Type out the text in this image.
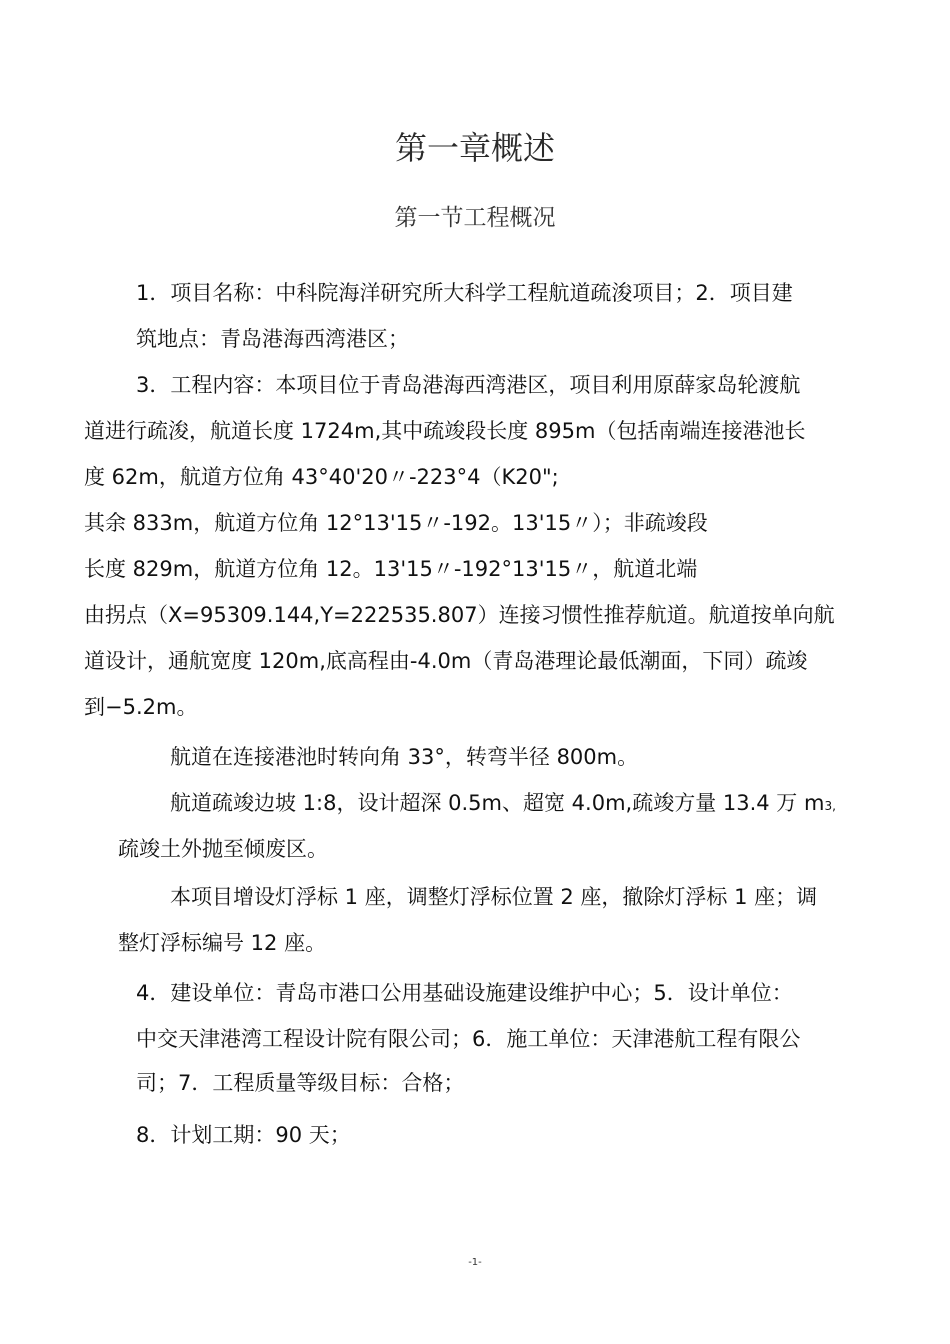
第一章概述
第一节工程概况
1．项目名称：中科院海洋研究所大科学工程航道疏浚项目；2．项目建
筑地点：青岛港海西湾港区；
3．工程内容：本项目位于青岛港海西湾港区，项目利用原薛家岛轮渡航
道进行疏浚，航道长度 1724m,其中疏竣段长度 895m（包括南端连接港池长
度 62m，航道方位角 43°40'20〃-223°4（K20";
其余 833m，航道方位角 12°13'15〃-192。13'15〃）；非疏竣段
长度 829m，航道方位角 12。13'15〃-192°13'15〃，航道北端
由拐点（X=95309.144,Y=222535.807）连接习惯性推荐航道。航道按单向航
道设计，通航宽度 120m,底高程由-4.0m（青岛港理论最低潮面，下同）疏竣
到−5.2m。
航道在连接港池时转向角 33°，转弯半径 800m。
航道疏竣边坡 1:8，设计超深 0.5m、超宽 4.0m,疏竣方量 13.4 万 m3,
疏竣土外抛至倾废区。
本项目增设灯浮标 1 座，调整灯浮标位置 2 座，撤除灯浮标 1 座；调
整灯浮标编号 12 座。
4．建设单位：青岛市港口公用基础设施建设维护中心；5．设计单位：
中交天津港湾工程设计院有限公司；6．施工单位：天津港航工程有限公
司；7．工程质量等级目标：合格；
8．计划工期：90 天；
-1-
